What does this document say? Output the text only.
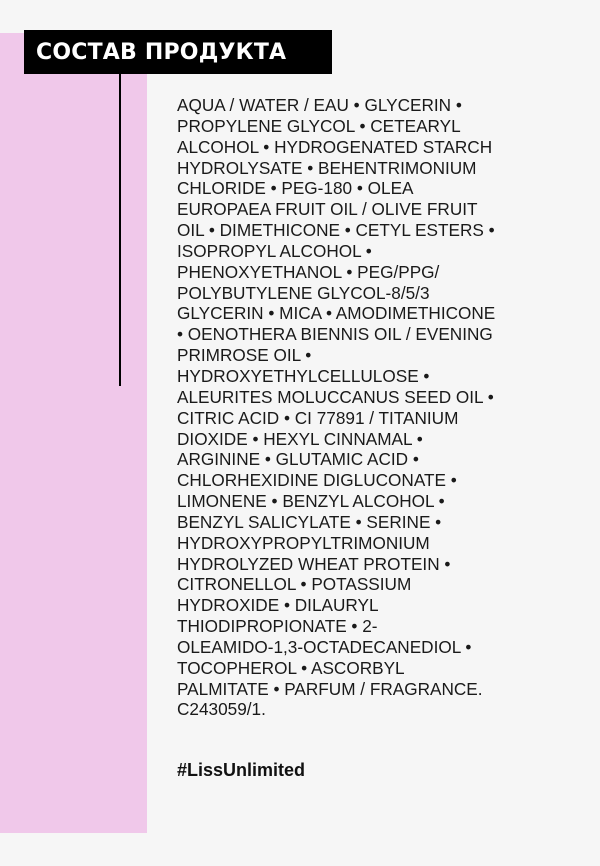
СОСТАВ ПРОДУКТА
AQUA / WATER / EAU • GLYCERIN •
PROPYLENE GLYCOL • CETEARYL
ALCOHOL • HYDROGENATED STARCH
HYDROLYSATE • BEHENTRIMONIUM
CHLORIDE • PEG-180 • OLEA
EUROPAEA FRUIT OIL / OLIVE FRUIT
OIL • DIMETHICONE • CETYL ESTERS •
ISOPROPYL ALCOHOL •
PHENOXYETHANOL • PEG/PPG/
POLYBUTYLENE GLYCOL-8/5/3
GLYCERIN • MICA • AMODIMETHICONE
• OENOTHERA BIENNIS OIL / EVENING
PRIMROSE OIL •
HYDROXYETHYLCELLULOSE •
ALEURITES MOLUCCANUS SEED OIL •
CITRIC ACID • CI 77891 / TITANIUM
DIOXIDE • HEXYL CINNAMAL •
ARGININE • GLUTAMIC ACID •
CHLORHEXIDINE DIGLUCONATE •
LIMONENE • BENZYL ALCOHOL •
BENZYL SALICYLATE • SERINE •
HYDROXYPROPYLTRIMONIUM
HYDROLYZED WHEAT PROTEIN •
CITRONELLOL • POTASSIUM
HYDROXIDE • DILAURYL
THIODIPROPIONATE • 2-
OLEAMIDO-1,3-OCTADECANEDIOL •
TOCOPHEROL • ASCORBYL
PALMITATE • PARFUM / FRAGRANCE.
C243059/1.
#LissUnlimited
